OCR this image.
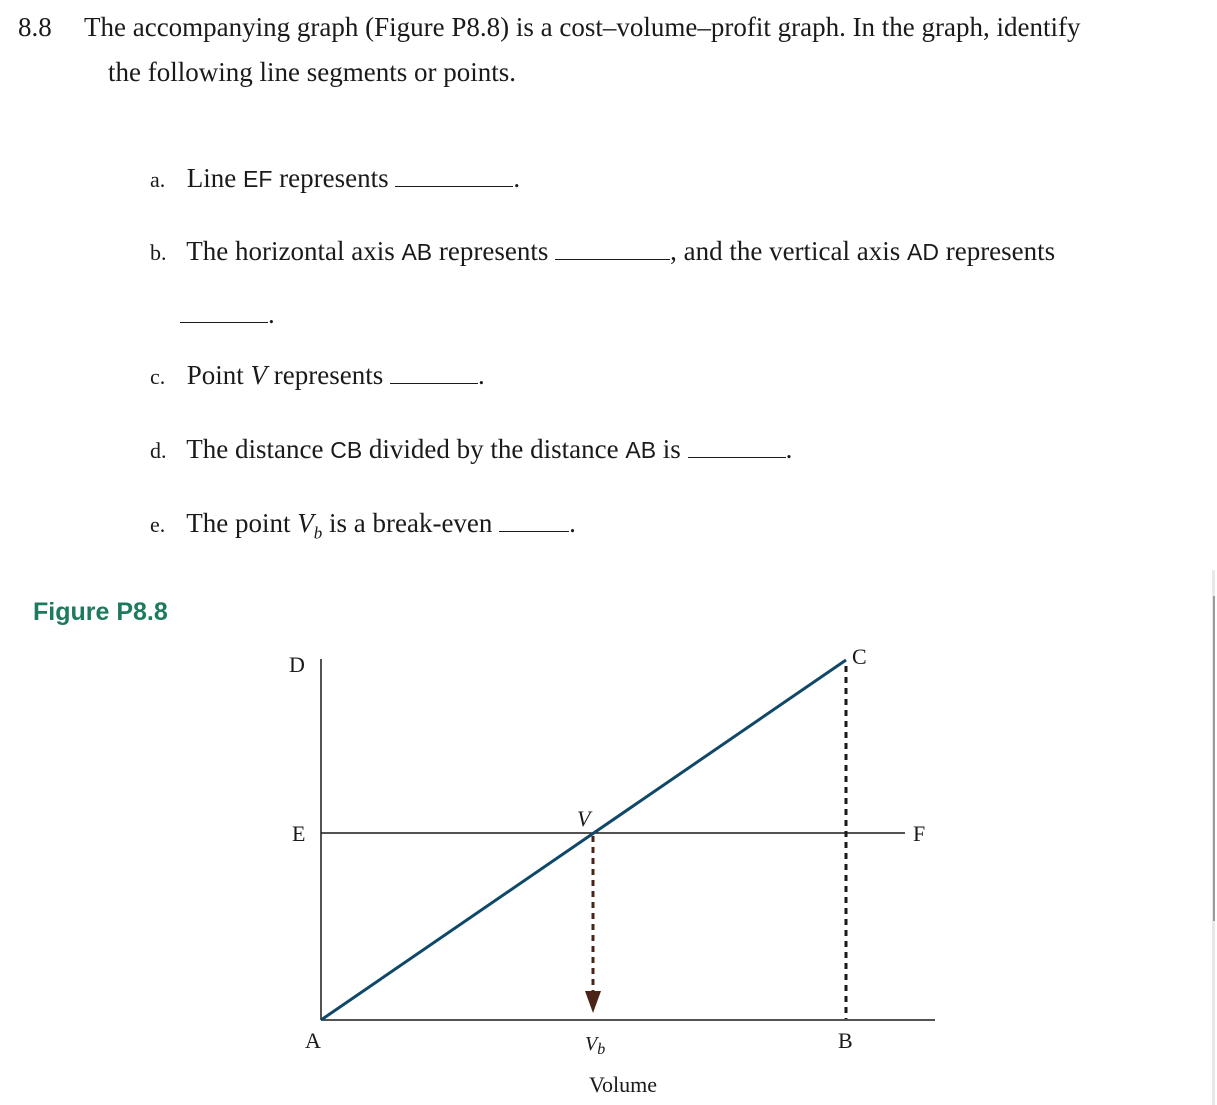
8.8 The accompanying graph (Figure P8.8) is a cost–volume–profit graph. In the graph, identify
the following line segments or points.
a. Line EF represents	.
b. The horizontal axis AB represents	, and the vertical axis AD represents
.
c. Point V represents	.
d. The distance CB divided by the distance AB is	.
e. The point $V_b$ is a break-even	.
Figure P8.8
D	C
E	F
V
A	B
$V_b$
Volume
